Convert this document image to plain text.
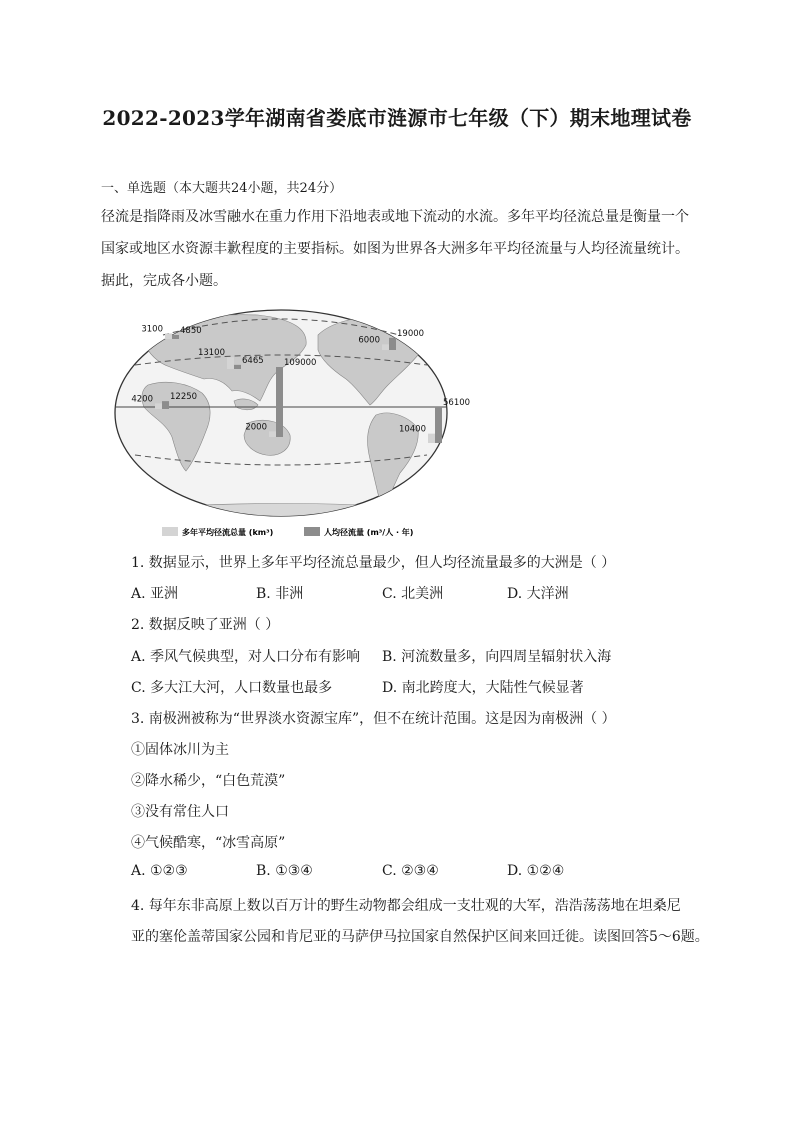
2022-2023学年湖南省娄底市涟源市七年级（下）期末地理试卷
一、单选题（本大题共24小题，共24分）
径流是指降雨及冰雪融水在重力作用下沿地表或地下流动的水流。多年平均径流总量是衡量一个
国家或地区水资源丰歉程度的主要指标。如图为世界各大洲多年平均径流量与人均径流量统计。
据此，完成各小题。
3100 4850
13100
6465
6000
19000
4200 12250
2000
109000
10400
56100
多年平均径流总量 (km³)	人均径流量 (m³/人 · 年)
1. 数据显示，世界上多年平均径流总量最少，但人均径流量最多的大洲是（ ）
A. 亚洲	B. 非洲	C. 北美洲	D. 大洋洲
2. 数据反映了亚洲（ ）
A. 季风气候典型，对人口分布有影响 B. 河流数量多，向四周呈辐射状入海
C. 多大江大河，人口数量也最多	D. 南北跨度大，大陆性气候显著
3. 南极洲被称为“世界淡水资源宝库”，但不在统计范围。这是因为南极洲（ ）
①固体冰川为主
②降水稀少，“白色荒漠”
③没有常住人口
④气候酷寒，“冰雪高原”
A. ①②③	B. ①③④	C. ②③④	D. ①②④
4. 每年东非高原上数以百万计的野生动物都会组成一支壮观的大军，浩浩荡荡地在坦桑尼
亚的塞伦盖蒂国家公园和肯尼亚的马萨伊马拉国家自然保护区间来回迁徙。读图回答5～6题。
